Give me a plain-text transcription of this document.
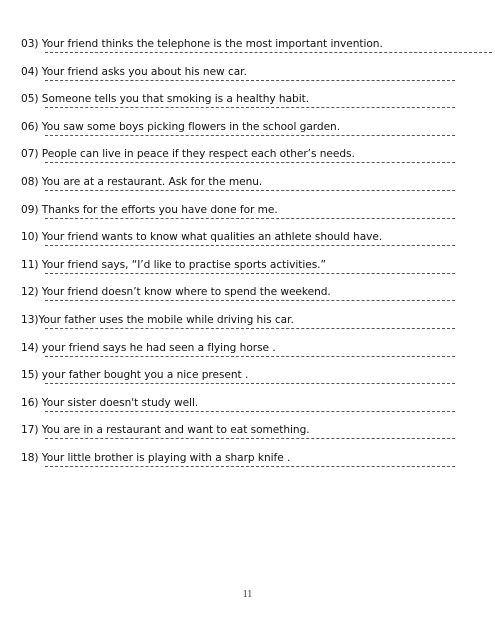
03) Your friend thinks the telephone is the most important invention.
04) Your friend asks you about his new car.
05) Someone tells you that smoking is a healthy habit.
06) You saw some boys picking flowers in the school garden.
07) People can live in peace if they respect each other’s needs.
08) You are at a restaurant. Ask for the menu.
09) Thanks for the efforts you have done for me.
10) Your friend wants to know what qualities an athlete should have.
11) Your friend says, “I’d like to practise sports activities.”
12) Your friend doesn’t know where to spend the weekend.
13)Your father uses the mobile while driving his car.
14) your friend says he had seen a flying horse .
15) your father bought you a nice present .
16) Your sister doesn't study well.
17) You are in a restaurant and want to eat something.
18) Your little brother is playing with a sharp knife .
11
